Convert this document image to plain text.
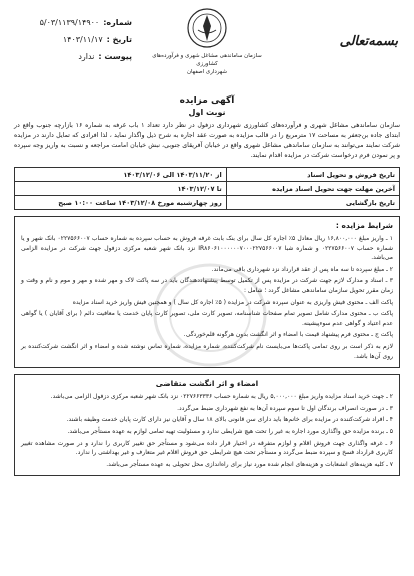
بسمه‌تعالی
سازمان ساماندهی مشاغل شهری و فرآورده‌های کشاورزی
شهرداری اصفهان
شماره:
۵/۰۳/۱۱۳۹/۱۴۹۰۰
تاریخ :
۱۴۰۳/۱۱/۱۷
پیوست :
ندارد
آگهی مزایده
نوبت اول
سازمان ساماندهی مشاغل شهری و فرآورده‌های کشاورزی شهرداری دزفول در نظر دارد تعداد ۱ باب غرفه به شماره ۱۶ بازارچه جنوب واقع در ابتدای جاده بن‌جعفر به مساحت ۱۷ مترمربع را در قالب مزایده به صورت عقد اجاره به شرح ذیل واگذار نماید ، لذا افرادی که تمایل دارند در مزایده شرکت نمایند می‌توانند به سازمان ساماندهی مشاغل شهری واقع در خیابان آفریقای جنوبی، نبش خیابان امامت مراجعه و نسبت به واریز وجه سپرده و پر نمودن فرم درخواست شرکت در مزایده اقدام نمایند.
تاریخ فروش و تحویل اسناد	از ۱۴۰۳/۱۱/۲۰ الی ۱۴۰۳/۱۲/۰۶
آخرین مهلت جهت تحویل اسناد مزایده	تا ۱۴۰۳/۱۲/۰۷
تاریخ بازگشایی	روز چهارشنبه مورخ ۱۴۰۳/۱۲/۰۸ ساعت ۱۰:۰۰ صبح
شرایط مزایده :

۱ ـ واریز مبلغ ۱۶,۸۰۰,۰۰۰ ریال معادل ۵٪ اجاره کل سال برای بنک بابت غرفه فروش به حساب سپرده به شماره حساب ۰۲۲۷۵۶۶۰۰۷ بانک شهر و یا شماره حساب ۰۲۲۷۵۶۶۰۰۷ و شماره شبا IR۸۶۰۶۱۰۰۰۰۰۰۷۰۰۰۲۲۷۵۶۶۰۰۷ نزد بانک شهر شعبه مرکزی دزفول جهت شرکت در مزایده الزامی می‌باشد.

۲ ـ مبلغ سپرده تا سه ماه پس از عقد قرارداد نزد شهرداری باقی می‌ماند.

۳ ـ اسناد و مدارک لازم جهت شرکت در مزایده پس از تکمیل توسط پیشنهاددهندگان باید در سه پاکت لاک و مهر شده و مهر و موم و نام و وقت و زمان مقرر تحویل سازمان ساماندهی مشاغل گردد ؛ شامل :

پاکت الف ـ محتوی فیش واریزی به عنوان سپرده شرکت در مزایده ( ۵٪ اجاره کل سال ) و همچنین فیش واریز خرید اسناد مزایده

پاکت ب ـ محتوی مدارک شامل تصویر تمام صفحات شناسنامه، تصویر کارت ملی، تصویر کارت پایان خدمت یا معافیت دائم ( برای آقایان ) یا گواهی عدم اعتیاد و گواهی عدم سوءپیشینه.

پاکت ج ـ محتوی فرم پیشنهاد قیمت با امضاء و اثر انگشت بدون هرگونه قلم‌خوردگی.

لازم به ذکر است بر روی تمامی پاکت‌ها می‌بایست نام شرکت‌کننده، شماره مزایده، شماره تماس نوشته شده و امضاء و اثر انگشت شرکت‌کننده بر روی آن‌ها باشد.

امضاء و اثر انگشت متقاضی

۲ ـ جهت خرید اسناد مزایده واریز مبلغ ۵,۰۰۰,۰۰۰ ریال به شماره حساب ۰۲۲۷۶۶۳۳۳۶ نزد بانک شهر شعبه مرکزی دزفول الزامی می‌باشد.

۳ ـ در صورت انصراف برندگان اول تا سوم سپرده آن‌ها به نفع شهرداری ضبط می‌گردد.

۴ ـ افراد شرکت‌کننده در مزایده برای خانم‌ها باید دارای سن قانونی بالای ۱۸ سال و آقایان نیز دارای کارت پایان خدمت وظیفه باشند.

۵ ـ برنده مزایده حق واگذاری مورد اجاره به غیر را تحت هیچ شرایطی ندارد و مسئولیت تهیه تمامی لوازم به عهده مستأجر می‌باشد.

۶ ـ غرفه واگذاری جهت فروش اقلام و لوازم متفرقه در اختیار قرار داده می‌شود و مستأجر حق تغییر کاربری را ندارد و در صورت مشاهده تغییر کاربری قرارداد فسخ و سپرده ضبط می‌گردد و مستأجر تحت هیچ شرایطی حق فروش اقلام غیر متعارف و غیر بهداشتی را ندارد.

۷ ـ کلیه هزینه‌های انشعابات و هزینه‌های انجام شده مورد نیاز برای راه‌اندازی محل تحویلی به عهده مستأجر می‌باشد.
